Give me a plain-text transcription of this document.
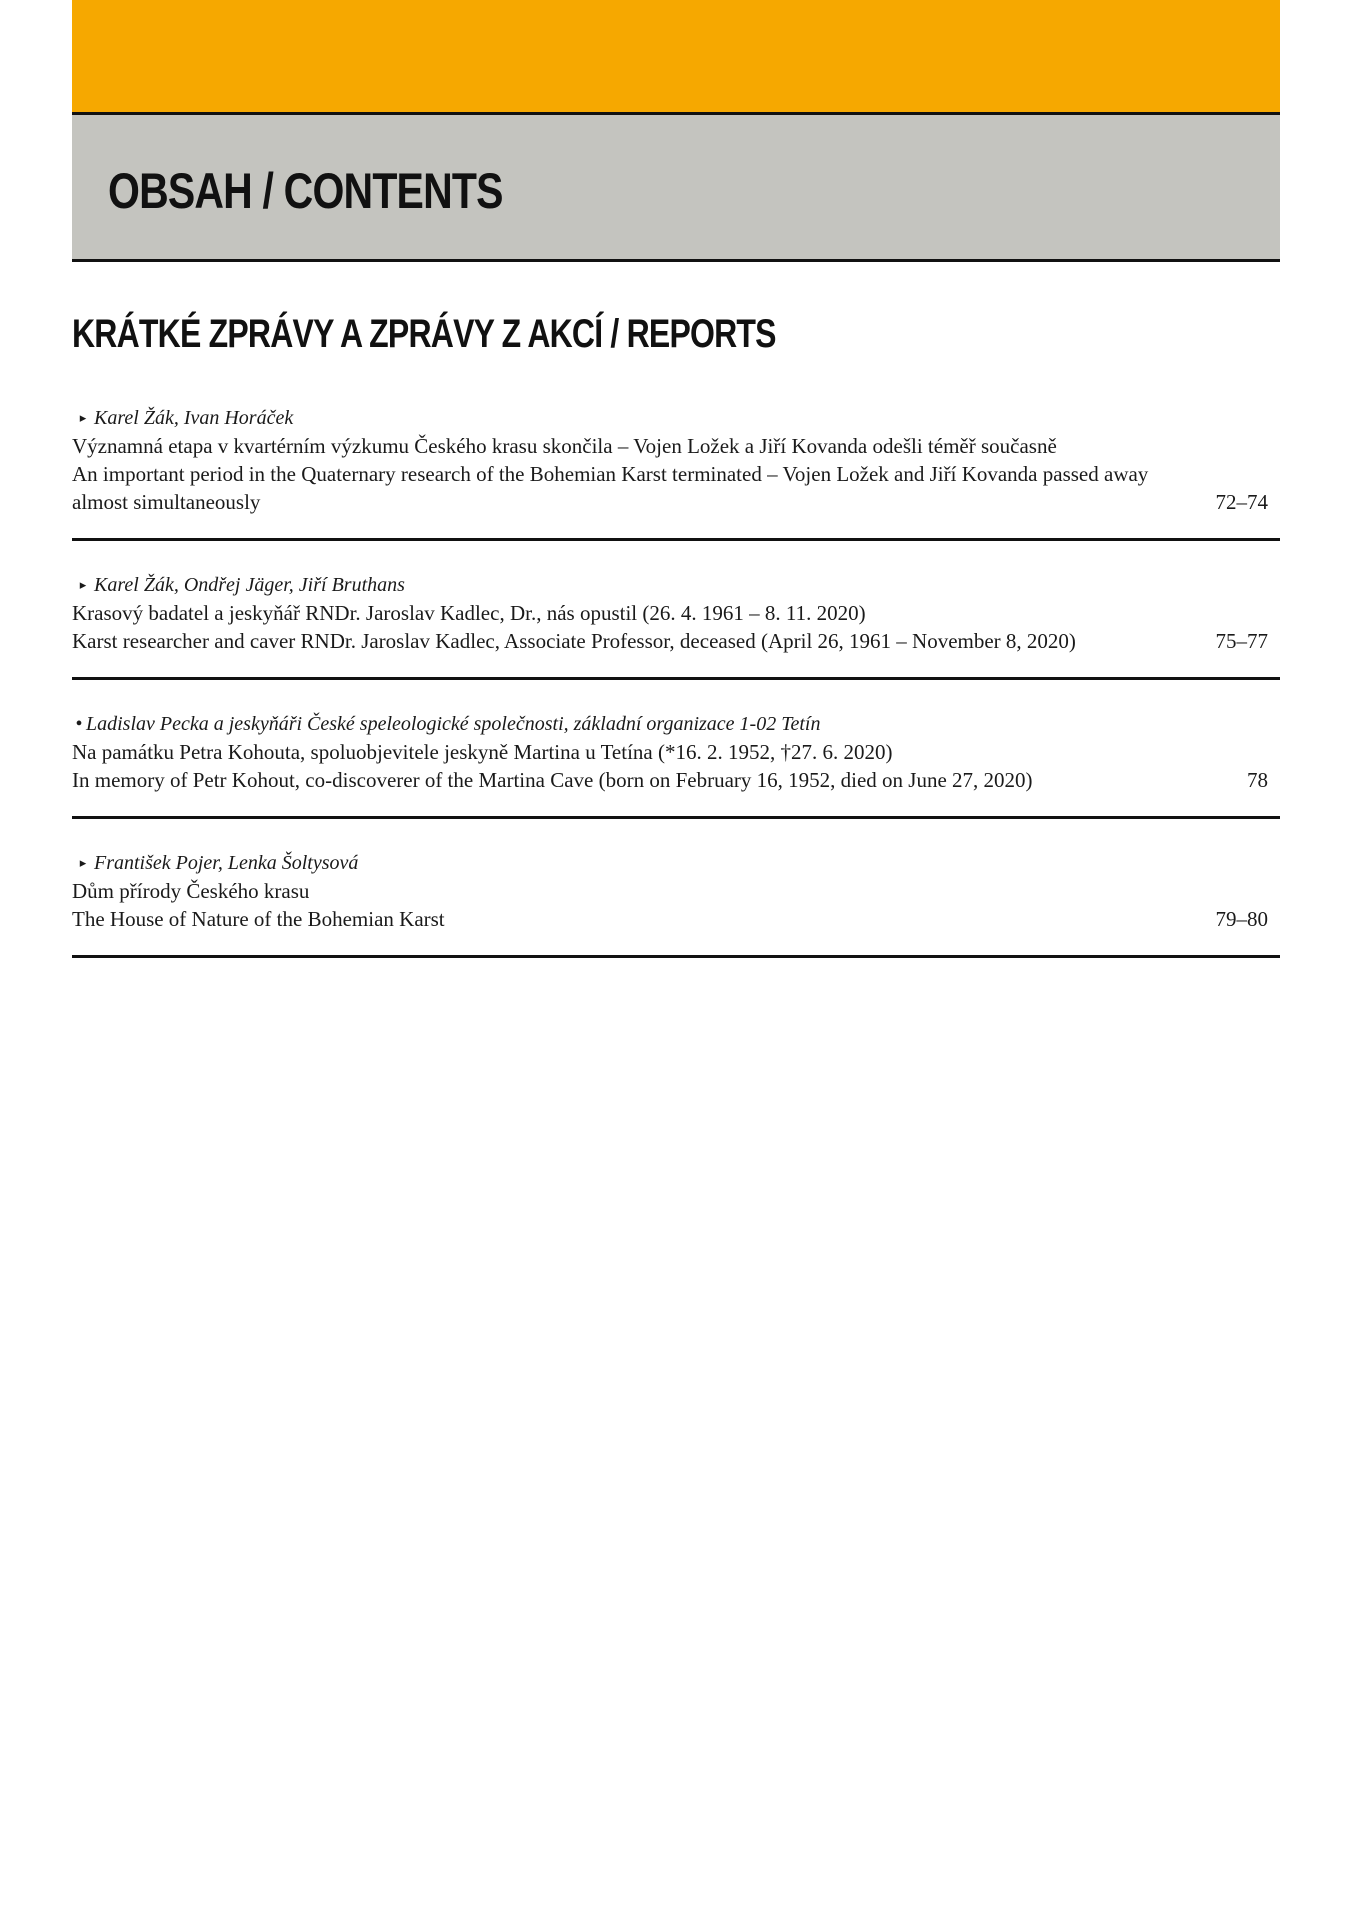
OBSAH / CONTENTS
KRÁTKÉ ZPRÁVY A ZPRÁVY Z AKCÍ / REPORTS
▸ Karel Žák, Ivan Horáček
Významná etapa v kvartérním výzkumu Českého krasu skončila – Vojen Ložek a Jiří Kovanda odešli téměř současně
An important period in the Quaternary research of the Bohemian Karst terminated – Vojen Ložek and Jiří Kovanda passed away almost simultaneously	72–74
▸ Karel Žák, Ondřej Jäger, Jiří Bruthans
Krasový badatel a jeskyňář RNDr. Jaroslav Kadlec, Dr., nás opustil (26. 4. 1961 – 8. 11. 2020)
Karst researcher and caver RNDr. Jaroslav Kadlec, Associate Professor, deceased (April 26, 1961 – November 8, 2020)	75–77
• Ladislav Pecka a jeskyňáři České speleologické společnosti, základní organizace 1-02 Tetín
Na památku Petra Kohouta, spoluobjevitele jeskyně Martina u Tetína (*16. 2. 1952, †27. 6. 2020)
In memory of Petr Kohout, co-discoverer of the Martina Cave (born on February 16, 1952, died on June 27, 2020)	78
▸ František Pojer, Lenka Šoltysová
Dům přírody Českého krasu
The House of Nature of the Bohemian Karst	79–80
